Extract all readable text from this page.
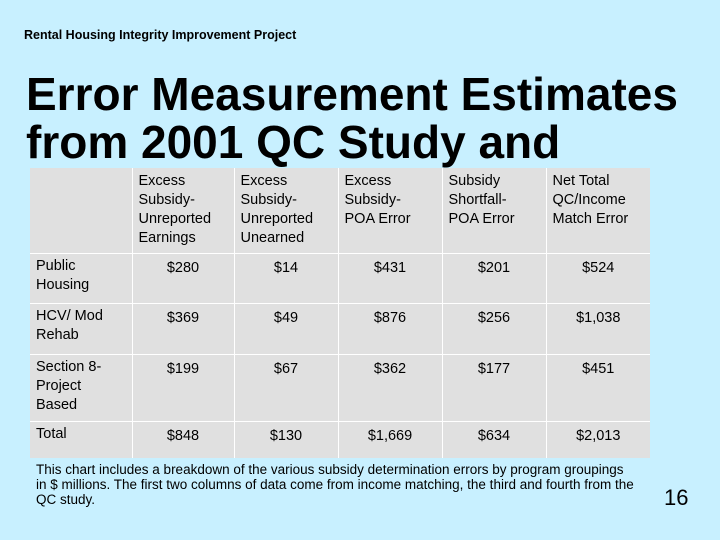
Rental Housing Integrity Improvement Project
Error Measurement Estimates
from 2001 QC Study and
	Excess
Subsidy-
Unreported
Earnings	Excess
Subsidy-
Unreported
Unearned	Excess
Subsidy-
POA Error	Subsidy
Shortfall-
POA Error	Net Total
QC/Income
Match Error
Public Housing	$280	$14	$431	$201	$524
HCV/ Mod Rehab	$369	$49	$876	$256	$1,038
Section 8-Project Based	$199	$67	$362	$177	$451
Total	$848	$130	$1,669	$634	$2,013
This chart includes a breakdown of the various subsidy determination errors by program groupings in $ millions. The first two columns of data come from income matching, the third and fourth from the QC study.	16
